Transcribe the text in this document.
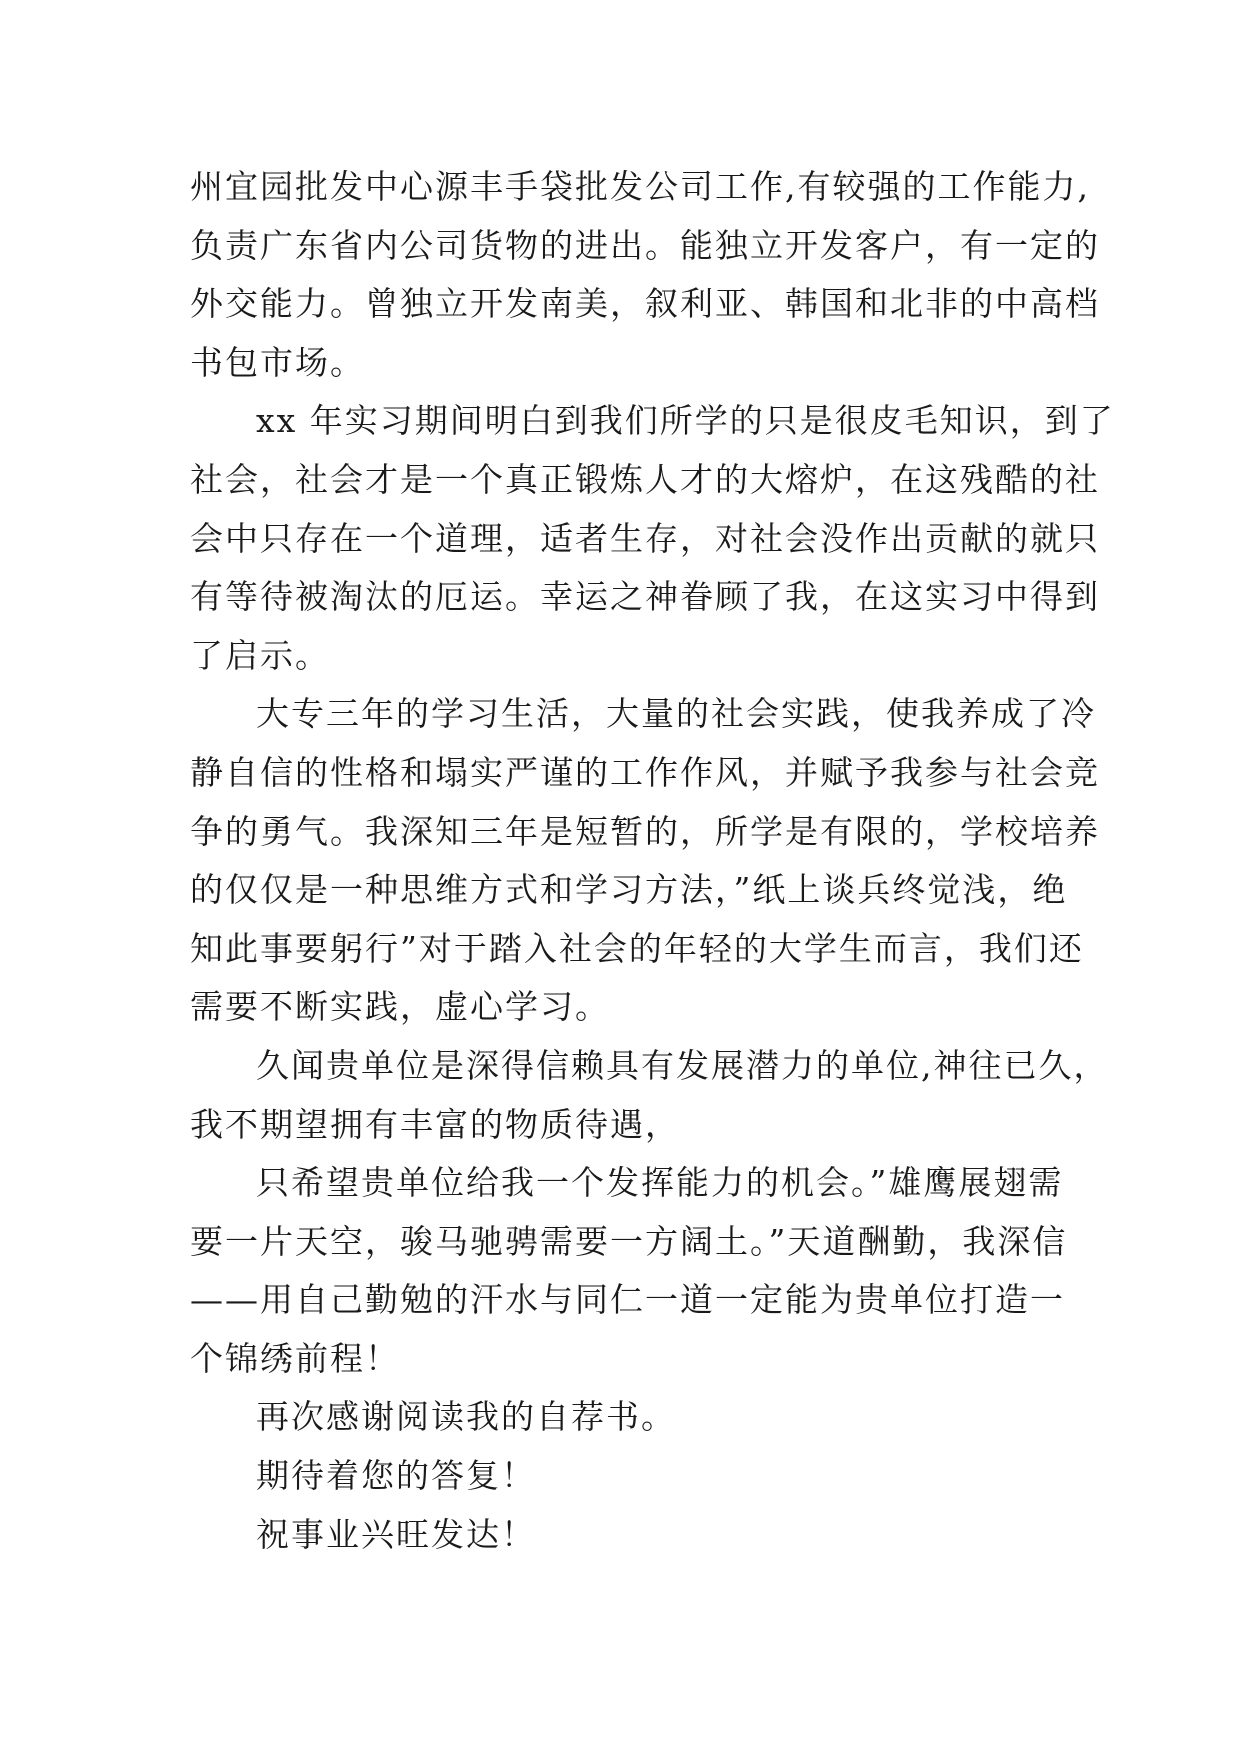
州宜园批发中心源丰手袋批发公司工作,有较强的工作能力,
负责广东省内公司货物的进出。能独立开发客户，有一定的
外交能力。曾独立开发南美，叙利亚、韩国和北非的中高档
书包市场。
xx 年实习期间明白到我们所学的只是很皮毛知识，到了
社会，社会才是一个真正锻炼人才的大熔炉，在这残酷的社
会中只存在一个道理，适者生存，对社会没作出贡献的就只
有等待被淘汰的厄运。幸运之神眷顾了我，在这实习中得到
了启示。
大专三年的学习生活，大量的社会实践，使我养成了冷
静自信的性格和塌实严谨的工作作风，并赋予我参与社会竞
争的勇气。我深知三年是短暂的，所学是有限的，学校培养
的仅仅是一种思维方式和学习方法，”纸上谈兵终觉浅，绝
知此事要躬行”对于踏入社会的年轻的大学生而言，我们还
需要不断实践，虚心学习。
久闻贵单位是深得信赖具有发展潜力的单位,神往已久，
我不期望拥有丰富的物质待遇，
只希望贵单位给我一个发挥能力的机会。”雄鹰展翅需
要一片天空，骏马驰骋需要一方阔土。”天道酬勤，我深信
——用自己勤勉的汗水与同仁一道一定能为贵单位打造一
个锦绣前程！
再次感谢阅读我的自荐书。
期待着您的答复！
祝事业兴旺发达！
